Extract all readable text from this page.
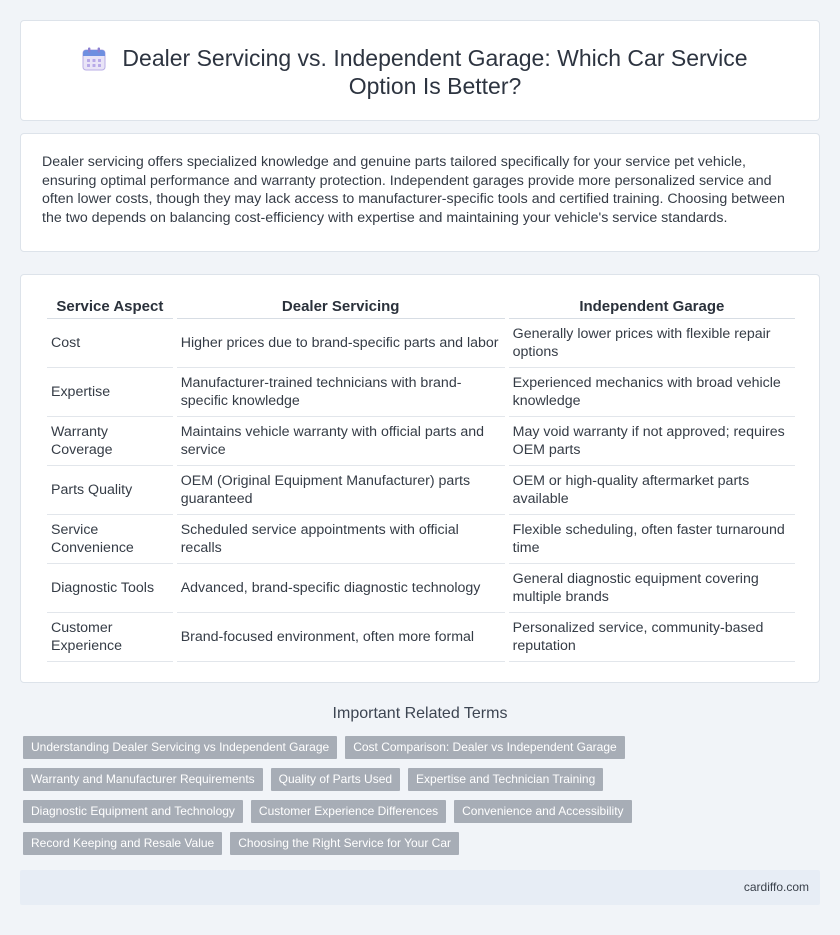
Dealer Servicing vs. Independent Garage: Which Car Service Option Is Better?

Dealer servicing offers specialized knowledge and genuine parts tailored specifically for your service pet vehicle, ensuring optimal performance and warranty protection. Independent garages provide more personalized service and often lower costs, though they may lack access to manufacturer-specific tools and certified training. Choosing between the two depends on balancing cost-efficiency with expertise and maintaining your vehicle's service standards.

Service Aspect	Dealer Servicing	Independent Garage
Cost	Higher prices due to brand-specific parts and labor	Generally lower prices with flexible repair options
Expertise	Manufacturer-trained technicians with brand-specific knowledge	Experienced mechanics with broad vehicle knowledge
Warranty Coverage	Maintains vehicle warranty with official parts and service	May void warranty if not approved; requires OEM parts
Parts Quality	OEM (Original Equipment Manufacturer) parts guaranteed	OEM or high-quality aftermarket parts available
Service Convenience	Scheduled service appointments with official recalls	Flexible scheduling, often faster turnaround time
Diagnostic Tools	Advanced, brand-specific diagnostic technology	General diagnostic equipment covering multiple brands
Customer Experience	Brand-focused environment, often more formal	Personalized service, community-based reputation
Important Related Terms
Understanding Dealer Servicing vs Independent Garage	Cost Comparison: Dealer vs Independent Garage
Warranty and Manufacturer Requirements	Quality of Parts Used	Expertise and Technician Training
Diagnostic Equipment and Technology	Customer Experience Differences	Convenience and Accessibility
Record Keeping and Resale Value	Choosing the Right Service for Your Car
cardiffo.com
